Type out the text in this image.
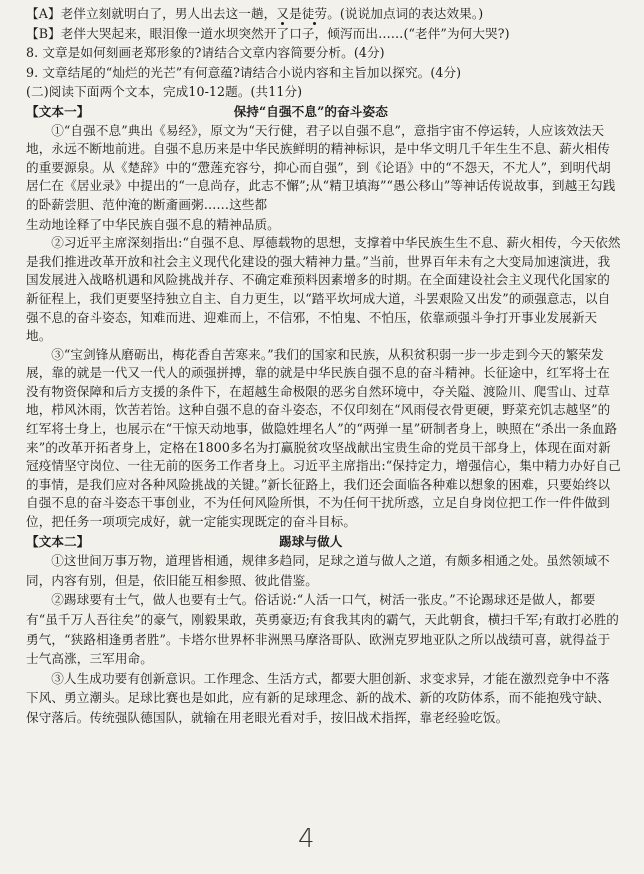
【A】老伴立刻就明白了，男人出去这一趟，又是徒劳。(说说加点词的表达效果。)

【B】老伴大哭起来，眼泪像一道水坝突然开了口子，倾泻而出……(“老伴”为何大哭?)

8. 文章是如何刻画老郑形象的?请结合文章内容简要分析。(4分)

9. 文章结尾的“灿烂的光芒”有何意蕴?请结合小说内容和主旨加以探究。(4分)

(二)阅读下面两个文本，完成10-12题。(共11分)

【文本一】	保持“自强不息”的奋斗姿态

①“自强不息”典出《易经》，原文为“天行健，君子以自强不息”，意指宇宙不停运转，人应该效法天地，永远不断地前进。自强不息历来是中华民族鲜明的精神标识，是中华文明几千年生生不息、薪火相传的重要源泉。从《楚辞》中的“慸莲充容兮，抑心而自强”，到《论语》中的“不怨天，不尤人”，到明代胡居仁在《居业录》中提出的“一息尚存，此志不懈”;从“精卫填海”“愚公移山”等神话传说故事，到越王勾践的卧薪尝胆、范仲淹的断齑画粥……这些都

生动地诠释了中华民族自强不息的精神品质。

②习近平主席深刻指出:“自强不息、厚德载物的思想，支撑着中华民族生生不息、薪火相传，今天依然是我们推进改革开放和社会主义现代化建设的强大精神力量。”当前，世界百年未有之大变局加速演进，我国发展进入战略机遇和风险挑战并存、不确定难预料因素增多的时期。在全面建设社会主义现代化国家的新征程上，我们更要坚持独立自主、自力更生，以“踏平坎坷成大道，斗罢艰险又出发”的顽强意志，以自强不息的奋斗姿态，知难而进、迎难而上，不信邪，不怕鬼、不怕压，依靠顽强斗争打开事业发展新天地。

③“宝剑锋从磨砺出，梅花香自苦寒来。”我们的国家和民族，从积贫积弱一步一步走到今天的繁荣发展，靠的就是一代又一代人的顽强拼搏，靠的就是中华民族自强不息的奋斗精神。长征途中，红军将士在没有物资保障和后方支援的条件下，在超越生命极限的恶劣自然环境中，夺关隘、渡险川、爬雪山、过草地，栉风沐雨，饮苦若饴。这种自强不息的奋斗姿态，不仅印刻在“风雨侵衣骨更硬，野菜充饥志越坚”的红军将士身上，也展示在“干惊天动地事，做隐姓埋名人”的“两弹一星”研制者身上，映照在“杀出一条血路来”的改革开拓者身上，定格在1800多名为打赢脱贫攻坚战献出宝贵生命的党员干部身上，体现在面对新冠疫情坚守岗位、一往无前的医务工作者身上。习近平主席指出:“保持定力，增强信心，集中精力办好自己的事情，是我们应对各种风险挑战的关键。”新长征路上，我们还会面临各种难以想象的困难，只要始终以自强不息的奋斗姿态干事创业，不为任何风险所惧，不为任何干扰所惑，立足自身岗位把工作一件件做到位，把任务一项项完成好，就一定能实现既定的奋斗目标。

【文本二】	踢球与做人

①这世间万事万物，道理皆相通，规律多趋同，足球之道与做人之道，有颇多相通之处。虽然领域不同，内容有别，但是，依旧能互相参照、彼此借鉴。

②踢球要有士气，做人也要有士气。俗话说:“人活一口气，树活一张皮。”不论踢球还是做人，都要有“虽千万人吾往矣”的豪气，刚毅果敢，英勇豪迈;有食我其肉的霸气，天此朝食，横扫千军;有敢打必胜的勇气，“狭路相逢勇者胜”。卡塔尔世界杯非洲黑马摩洛哥队、欧洲克罗地亚队之所以战绩可喜，就得益于士气高涨，三军用命。

③人生成功要有创新意识。工作理念、生活方式，都要大胆创新、求变求异，才能在激烈竞争中不落下风、勇立潮头。足球比赛也是如此，应有新的足球理念、新的战术、新的攻防体系，而不能抱残守缺、保守落后。传统强队德国队，就输在用老眼光看对手，按旧战术指挥，靠老经验吃饭。

4
